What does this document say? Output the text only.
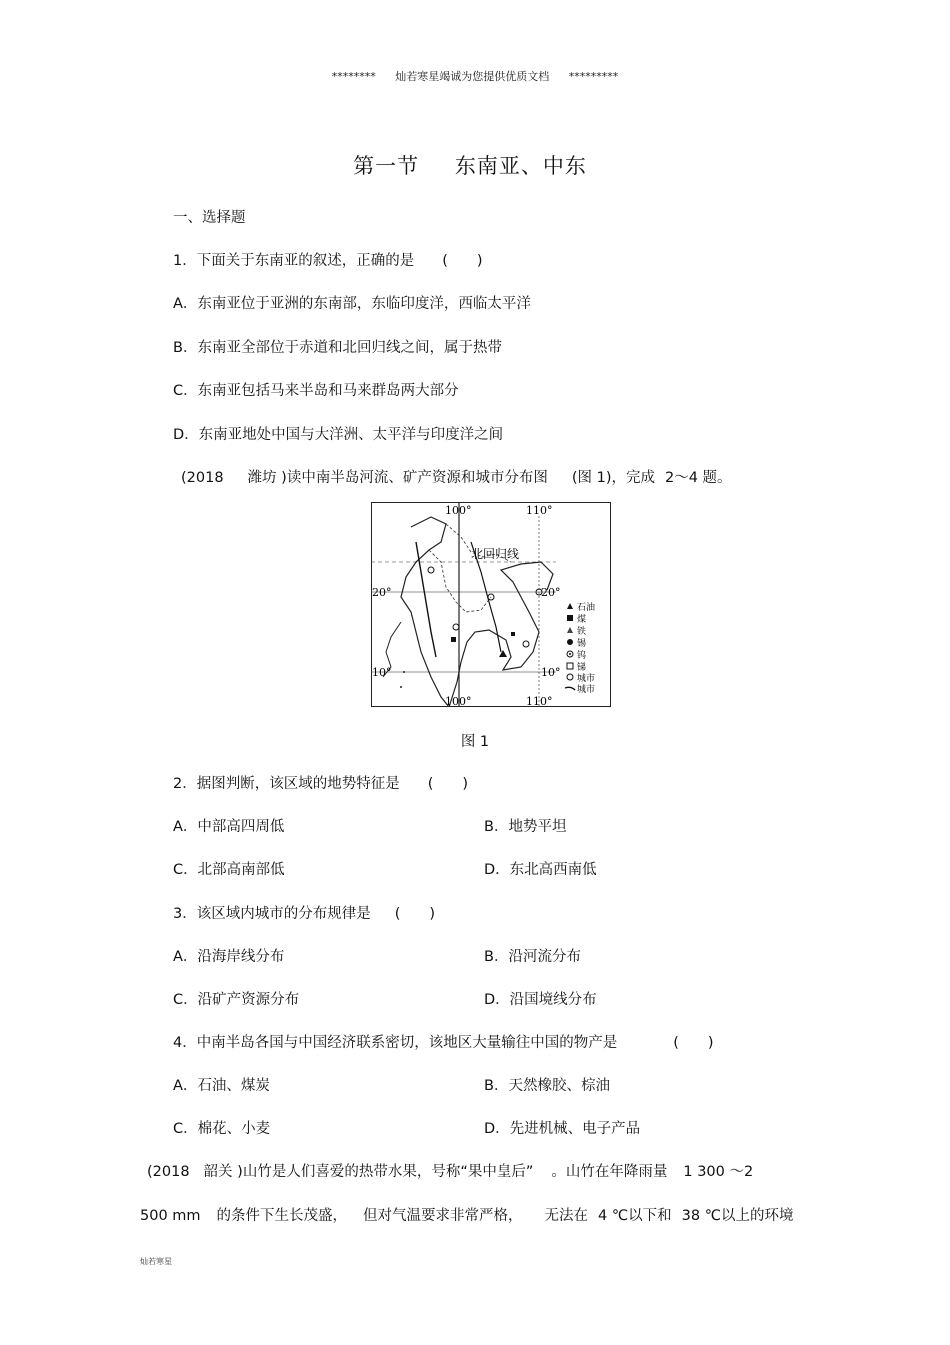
******** 灿若寒星竭诚为您提供优质文档 *********
第一节 东南亚、中东
一、选择题
1．下面关于东南亚的叙述，正确的是 (　　)
A．东南亚位于亚洲的东南部，东临印度洋，西临太平洋
B．东南亚全部位于赤道和北回归线之间，属于热带
C．东南亚包括马来半岛和马来群岛两大部分
D．东南亚地处中国与大洋洲、太平洋与印度洋之间
(2018 潍坊 )读中南半岛河流、矿产资源和城市分布图 (图 1)，完成 2～4 题。
100°	110°
100°	110°
20°	20°
10°	10°
北回归线
石油
煤
铁
锡
钨
锑
城市
城市
图 1
2．据图判断，该区域的地势特征是 (　　)
A．中部高四周低	B．地势平坦
C．北部高南部低	D．东北高西南低
3．该区域内城市的分布规律是 (　　)
A．沿海岸线分布	B．沿河流分布
C．沿矿产资源分布	D．沿国境线分布
4．中南半岛各国与中国经济联系密切，该地区大量输往中国的物产是	(　　)
A．石油、煤炭	B．天然橡胶、棕油
C．棉花、小麦	D．先进机械、电子产品
(2018 韶关 )山竹是人们喜爱的热带水果，号称“果中皇后” 。山竹在年降雨量 1 300 ～2
500 mm 的条件下生长茂盛， 但对气温要求非常严格， 无法在 4 ℃以下和 38 ℃以上的环境
灿若寒星
